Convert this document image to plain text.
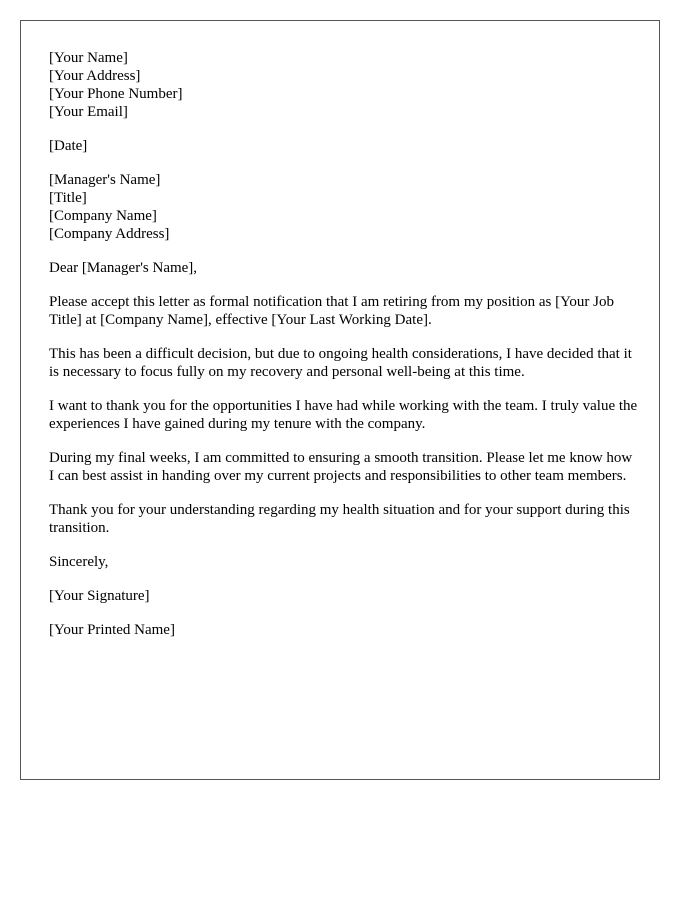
[Your Name]
[Your Address]
[Your Phone Number]
[Your Email]
[Date]
[Manager's Name]
[Title]
[Company Name]
[Company Address]
Dear [Manager's Name],

Please accept this letter as formal notification that I am retiring from my position as [Your Job Title] at [Company Name], effective [Your Last Working Date].

This has been a difficult decision, but due to ongoing health considerations, I have decided that it is necessary to focus fully on my recovery and personal well-being at this time.

I want to thank you for the opportunities I have had while working with the team. I truly value the experiences I have gained during my tenure with the company.

During my final weeks, I am committed to ensuring a smooth transition. Please let me know how I can best assist in handing over my current projects and responsibilities to other team members.

Thank you for your understanding regarding my health situation and for your support during this transition.

Sincerely,
[Your Signature]
[Your Printed Name]
